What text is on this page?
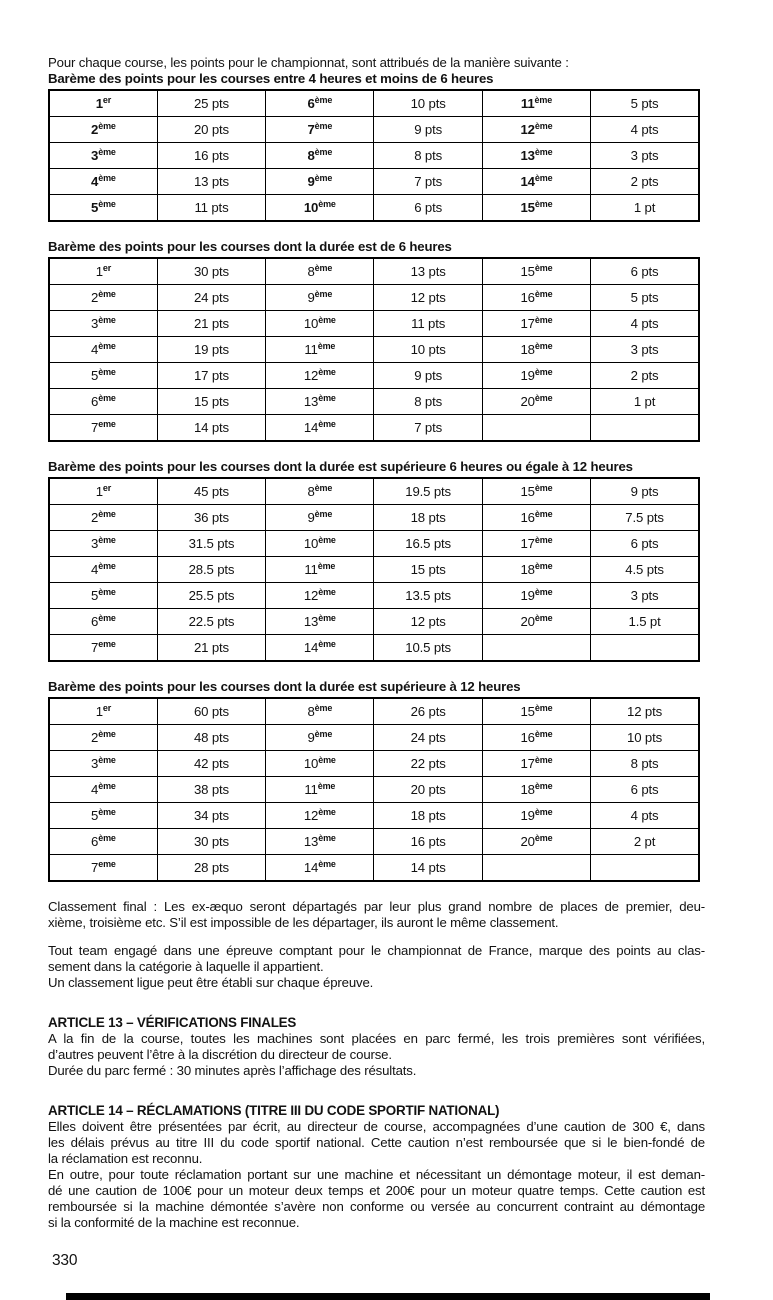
Pour chaque course, les points pour le championnat, sont attribués de la manière suivante :
Barème des points pour les courses entre 4 heures et moins de 6 heures
1er	25 pts	6ème	10 pts	11ème	5 pts
2ème	20 pts	7ème	9 pts	12ème	4 pts
3ème	16 pts	8ème	8 pts	13ème	3 pts
4ème	13 pts	9ème	7 pts	14ème	2 pts
5ème	11 pts	10ème	6 pts	15ème	1 pt
Barème des points pour les courses dont la durée est de 6 heures
1er	30 pts	8ème	13 pts	15ème	6 pts
2ème	24 pts	9ème	12 pts	16ème	5 pts
3ème	21 pts	10ème	11 pts	17ème	4 pts
4ème	19 pts	11ème	10 pts	18ème	3 pts
5ème	17 pts	12ème	9 pts	19ème	2 pts
6ème	15 pts	13ème	8 pts	20ème	1 pt
7eme	14 pts	14ème	7 pts		
Barème des points pour les courses dont la durée est supérieure 6 heures ou égale à 12 heures
1er	45 pts	8ème	19.5 pts	15ème	9 pts
2ème	36 pts	9ème	18 pts	16ème	7.5 pts
3ème	31.5 pts	10ème	16.5 pts	17ème	6 pts
4ème	28.5 pts	11ème	15 pts	18ème	4.5 pts
5ème	25.5 pts	12ème	13.5 pts	19ème	3 pts
6ème	22.5 pts	13ème	12 pts	20ème	1.5 pt
7eme	21 pts	14ème	10.5 pts		
Barème des points pour les courses dont la durée est supérieure à 12 heures
1er	60 pts	8ème	26 pts	15ème	12 pts
2ème	48 pts	9ème	24 pts	16ème	10 pts
3ème	42 pts	10ème	22 pts	17ème	8 pts
4ème	38 pts	11ème	20 pts	18ème	6 pts
5ème	34 pts	12ème	18 pts	19ème	4 pts
6ème	30 pts	13ème	16 pts	20ème	2 pt
7eme	28 pts	14ème	14 pts		
Classement final : Les ex-æquo seront départagés par leur plus grand nombre de places de premier, deu-
xième, troisième etc. S’il est impossible de les départager, ils auront le même classement.
Tout team engagé dans une épreuve comptant pour le championnat de France, marque des points au clas-
sement dans la catégorie à laquelle il appartient.
Un classement ligue peut être établi sur chaque épreuve.
ARTICLE 13 – VÉRIFICATIONS FINALES
A la fin de la course, toutes les machines sont placées en parc fermé, les trois premières sont vérifiées,
d’autres peuvent l’être à la discrétion du directeur de course.
Durée du parc fermé : 30 minutes après l’affichage des résultats.
ARTICLE 14 – RÉCLAMATIONS (TITRE III DU CODE SPORTIF NATIONAL)
Elles doivent être présentées par écrit, au directeur de course, accompagnées d’une caution de 300 €, dans
les délais prévus au titre III du code sportif national. Cette caution n’est remboursée que si le bien-fondé de
la réclamation est reconnu.
En outre, pour toute réclamation portant sur une machine et nécessitant un démontage moteur, il est deman-
dé une caution de 100€ pour un moteur deux temps et 200€ pour un moteur quatre temps. Cette caution est
remboursée si la machine démontée s’avère non conforme ou versée au concurrent contraint au démontage
si la conformité de la machine est reconnue.
330
